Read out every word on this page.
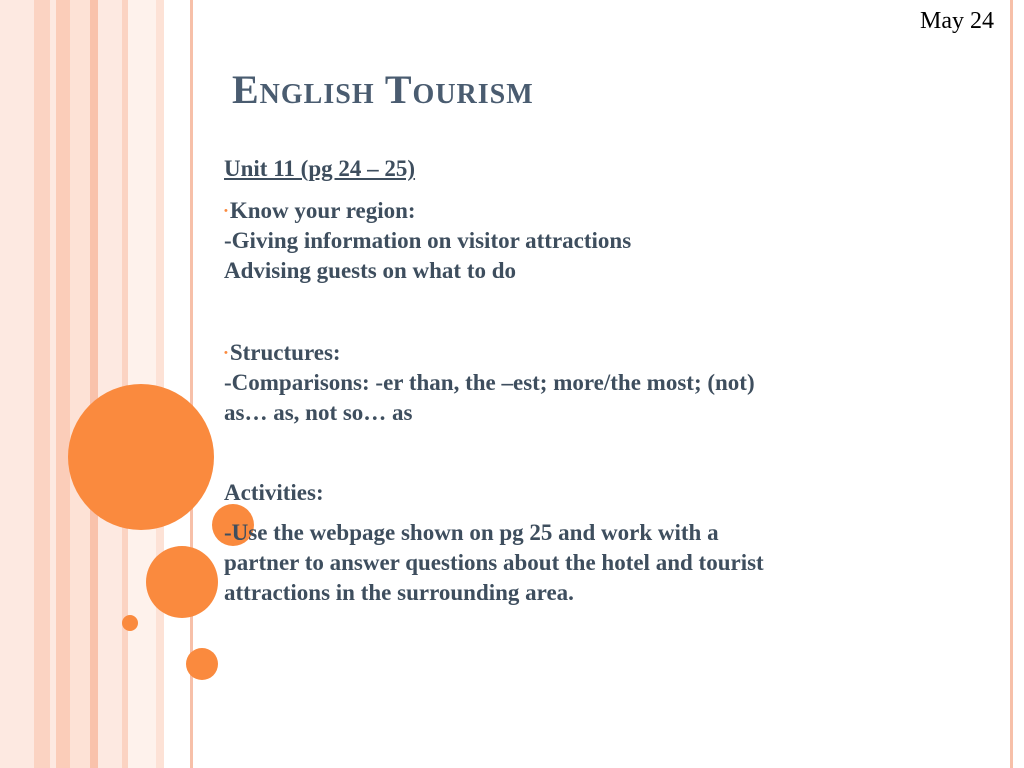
May 24
English Tourism
Unit 11 (pg 24 – 25)
•Know your region:
-Giving information on visitor attractions
Advising guests on what to do
•Structures:
-Comparisons: -er than, the –est; more/the most; (not)
as… as, not so… as
Activities:
-Use the webpage shown on pg 25 and work with a
partner to answer questions about the hotel and tourist
attractions in the surrounding area.
